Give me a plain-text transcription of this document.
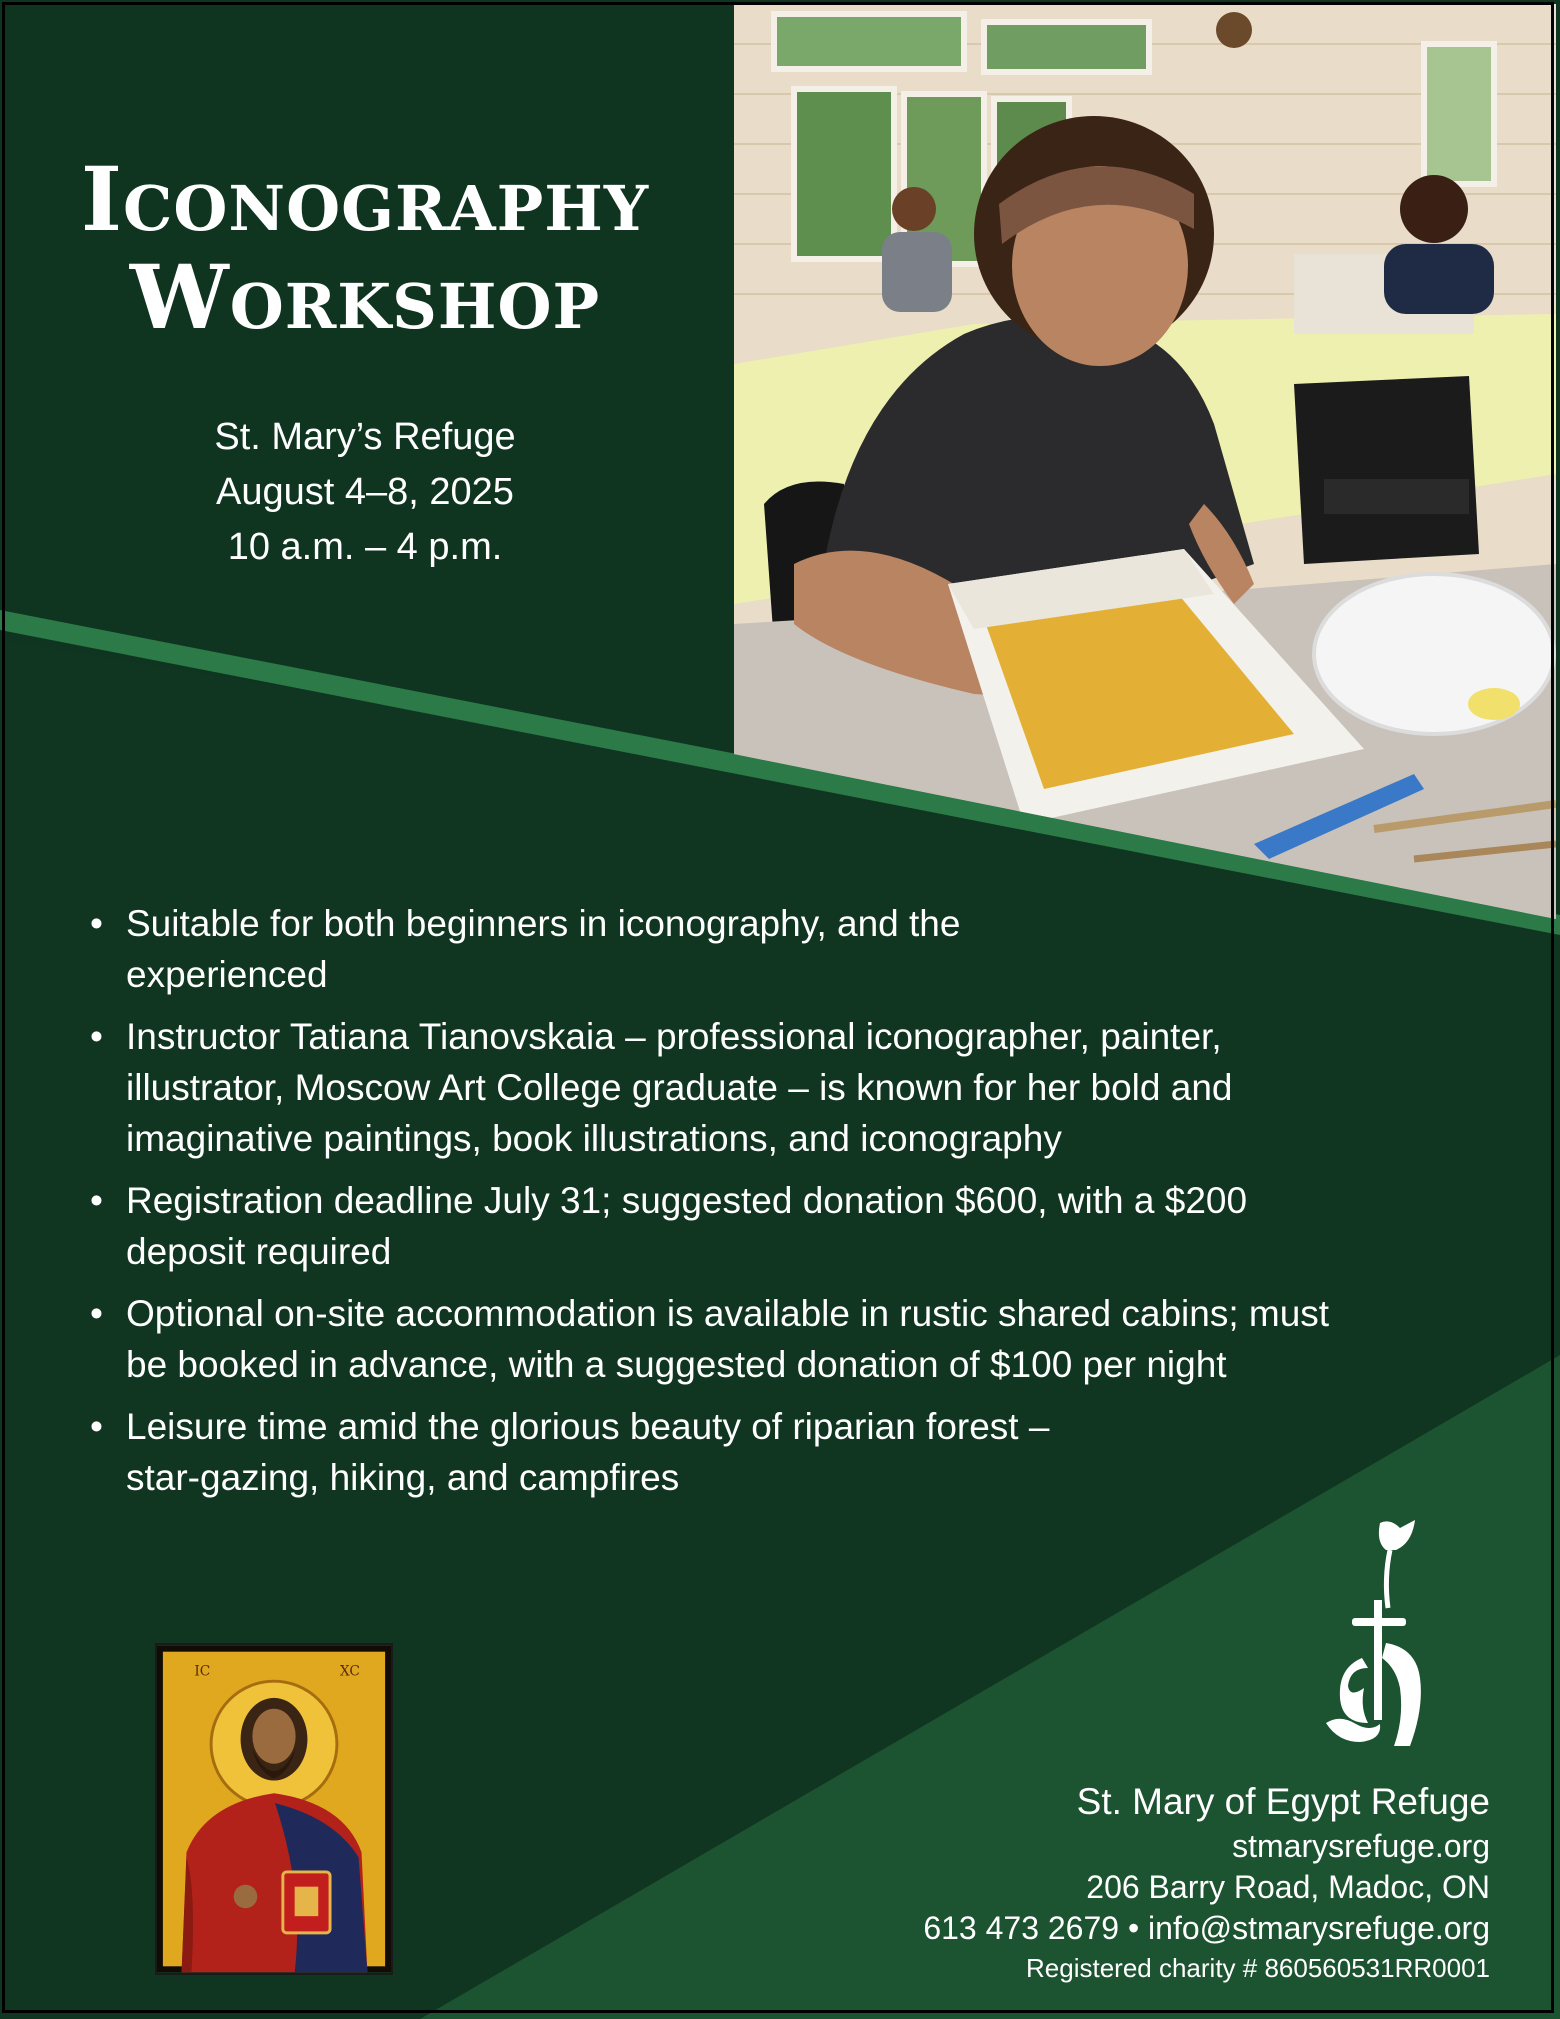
Iconography
Workshop
St. Mary’s Refuge
August 4–8, 2025
10 a.m. – 4 p.m.
• Suitable for both beginners in iconography, and the experienced
• Instructor Tatiana Tianovskaia – professional iconographer, painter, illustrator, Moscow Art College graduate – is known for her bold and imaginative paintings, book illustrations, and iconography
• Registration deadline July 31; suggested donation $600, with a $200 deposit required
• Optional on-site accommodation is available in rustic shared cabins; must be booked in advance, with a suggested donation of $100 per night
• Leisure time amid the glorious beauty of riparian forest – star-gazing, hiking, and campfires
IC	XC
St. Mary of Egypt Refuge
stmarysrefuge.org
206 Barry Road, Madoc, ON
613 473 2679 • info@stmarysrefuge.org
Registered charity # 860560531RR0001
